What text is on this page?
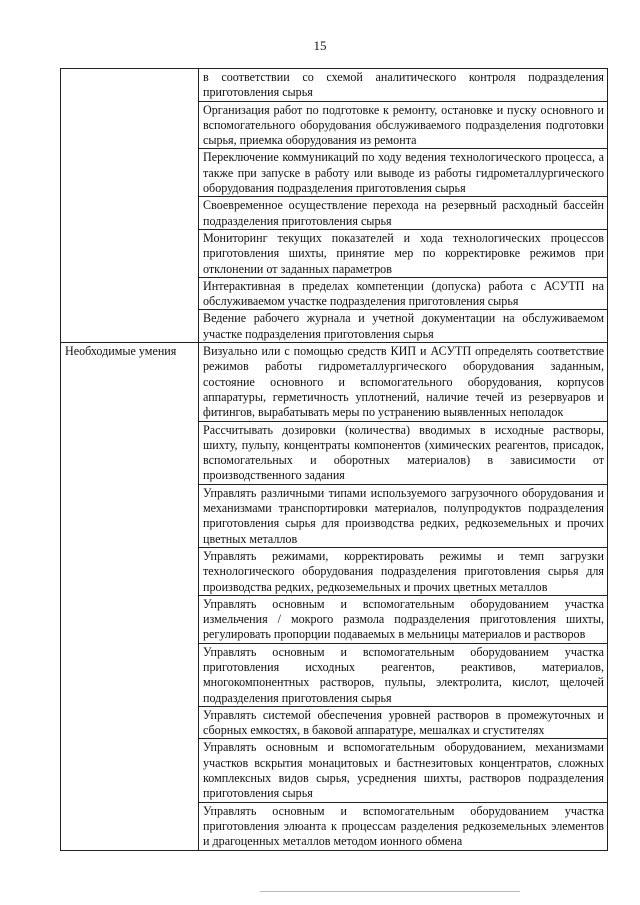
15
	в соответствии со схемой аналитического контроля подразделения приготовления сырья
	Организация работ по подготовке к ремонту, остановке и пуску основного и вспомогательного оборудования обслуживаемого подразделения подготовки сырья, приемка оборудования из ремонта
	Переключение коммуникаций по ходу ведения технологического процесса, а также при запуске в работу или выводе из работы гидрометаллургического оборудования подразделения приготовления сырья
	Своевременное осуществление перехода на резервный расходный бассейн подразделения приготовления сырья
	Мониторинг текущих показателей и хода технологических процессов приготовления шихты, принятие мер по корректировке режимов при отклонении от заданных параметров
	Интерактивная в пределах компетенции (допуска) работа с АСУТП на обслуживаемом участке подразделения приготовления сырья
	Ведение рабочего журнала и учетной документации на обслуживаемом участке подразделения приготовления сырья
Необходимые умения	Визуально или с помощью средств КИП и АСУТП определять соответствие режимов работы гидрометаллургического оборудования заданным, состояние основного и вспомогательного оборудования, корпусов аппаратуры, герметичность уплотнений, наличие течей из резервуаров и фитингов, вырабатывать меры по устранению выявленных неполадок
	Рассчитывать дозировки (количества) вводимых в исходные растворы, шихту, пульпу, концентраты компонентов (химических реагентов, присадок, вспомогательных и оборотных материалов) в зависимости от производственного задания
	Управлять различными типами используемого загрузочного оборудования и механизмами транспортировки материалов, полупродуктов подразделения приготовления сырья для производства редких, редкоземельных и прочих цветных металлов
	Управлять режимами, корректировать режимы и темп загрузки технологического оборудования подразделения приготовления сырья для производства редких, редкоземельных и прочих цветных металлов
	Управлять основным и вспомогательным оборудованием участка измельчения / мокрого размола подразделения приготовления шихты, регулировать пропорции подаваемых в мельницы материалов и растворов
	Управлять основным и вспомогательным оборудованием участка приготовления исходных реагентов, реактивов, материалов, многокомпонентных растворов, пульпы, электролита, кислот, щелочей подразделения приготовления сырья
	Управлять системой обеспечения уровней растворов в промежуточных и сборных емкостях, в баковой аппаратуре, мешалках и сгустителях
	Управлять основным и вспомогательным оборудованием, механизмами участков вскрытия монацитовых и бастнезитовых концентратов, сложных комплексных видов сырья, усреднения шихты, растворов подразделения приготовления сырья
	Управлять основным и вспомогательным оборудованием участка приготовления элюанта к процессам разделения редкоземельных элементов и драгоценных металлов методом ионного обмена
